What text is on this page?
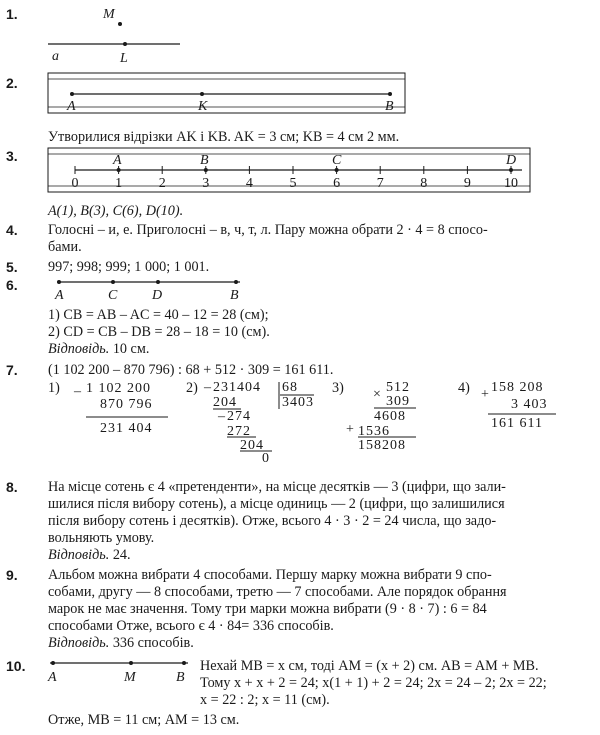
1.	M
a	L
2.
A	K	B
Утворилися відрізки AK і KB. AK = 3 см; KB = 4 см 2 мм.
3.
0	1	2	3	4	5	6	7	8	9 10
A	B	C	D
A(1), B(3), C(6), D(10).
4. Голосні – и, е. Приголосні – в, ч, т, л. Пару можна обрати 2 · 4 = 8 спосо-
бами.
5. 997; 998; 999; 1 000; 1 001.
6.
A	C D	B
1) CB = AB – AC = 40 – 12 = 28 (см);
2) CD = CB – DB = 28 – 18 = 10 (см).
Відповідь. 10 см.
7. (1 102 200 – 870 796) : 68 + 512 · 309 = 161 611.
1)	2)	3)	4)
– 1 102 200
870 796
231 404
– 231404 68
3403
204
– 274
272
204
0
× 512
309
4608
+ 1536
158208
+ 158 208
3 403
161 611
8. На місце сотень є 4 «претенденти», на місце десятків — 3 (цифри, що зали-
шилися після вибору сотень), а місце одиниць — 2 (цифри, що залишилися
після вибору сотень і десятків). Отже, всього 4 · 3 · 2 = 24 числа, що задо-
вольняють умову.
Відповідь. 24.
9. Альбом можна вибрати 4 способами. Першу марку можна вибрати 9 спо-
собами, другу — 8 способами, третю — 7 способами. Але порядок обрання
марок не має значення. Тому три марки можна вибрати (9 · 8 · 7) : 6 = 84
способами Отже, всього є 4 · 84= 336 способів.
Відповідь. 336 способів.
10.
A	M	B
Нехай MB = x см, тоді AM = (x + 2) см. AB = AM + MB.
Тому x + x + 2 = 24; x(1 + 1) + 2 = 24; 2x = 24 – 2; 2x = 22;
x = 22 : 2; x = 11 (см).
Отже, MB = 11 см; AM = 13 см.
